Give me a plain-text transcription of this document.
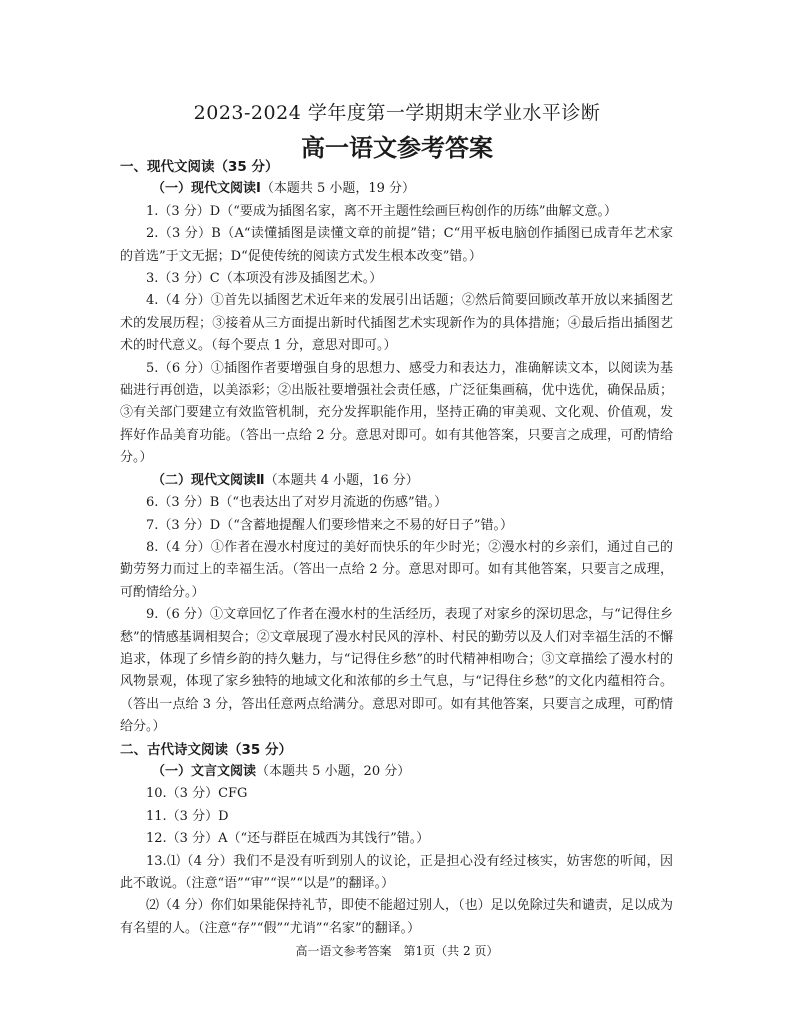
2023-2024 学年度第一学期期末学业水平诊断
高一语文参考答案
一、现代文阅读（35 分）
（一）现代文阅读Ⅰ（本题共 5 小题，19 分）
1.（3 分）D（“要成为插图名家，离不开主题性绘画巨构创作的历练”曲解文意。）
2.（3 分）B（A“读懂插图是读懂文章的前提”错；C“用平板电脑创作插图已成青年艺术家的首选”于文无据；D“促使传统的阅读方式发生根本改变”错。）
3.（3 分）C（本项没有涉及插图艺术。）
4.（4 分）①首先以插图艺术近年来的发展引出话题；②然后简要回顾改革开放以来插图艺术的发展历程；③接着从三方面提出新时代插图艺术实现新作为的具体措施；④最后指出插图艺术的时代意义。（每个要点 1 分，意思对即可。）
5.（6 分）①插图作者要增强自身的思想力、感受力和表达力，准确解读文本，以阅读为基础进行再创造，以美添彩；②出版社要增强社会责任感，广泛征集画稿，优中选优，确保品质；③有关部门要建立有效监管机制，充分发挥职能作用，坚持正确的审美观、文化观、价值观，发挥好作品美育功能。（答出一点给 2 分。意思对即可。如有其他答案，只要言之成理，可酌情给分。）
（二）现代文阅读Ⅱ（本题共 4 小题，16 分）
6.（3 分）B（“也表达出了对岁月流逝的伤感”错。）
7.（3 分）D（“含蓄地提醒人们要珍惜来之不易的好日子”错。）
8.（4 分）①作者在漫水村度过的美好而快乐的年少时光；②漫水村的乡亲们，通过自己的勤劳努力而过上的幸福生活。（答出一点给 2 分。意思对即可。如有其他答案，只要言之成理，可酌情给分。）
9.（6 分）①文章回忆了作者在漫水村的生活经历，表现了对家乡的深切思念，与“记得住乡愁”的情感基调相契合；②文章展现了漫水村民风的淳朴、村民的勤劳以及人们对幸福生活的不懈追求，体现了乡情乡韵的持久魅力，与“记得住乡愁”的时代精神相吻合；③文章描绘了漫水村的风物景观，体现了家乡独特的地域文化和浓郁的乡土气息，与“记得住乡愁”的文化内蕴相符合。（答出一点给 3 分，答出任意两点给满分。意思对即可。如有其他答案，只要言之成理，可酌情给分。）
二、古代诗文阅读（35 分）
（一）文言文阅读（本题共 5 小题，20 分）
10.（3 分）CFG
11.（3 分）D
12.（3 分）A（“还与群臣在城西为其饯行”错。）
13.⑴（4 分）我们不是没有听到别人的议论，正是担心没有经过核实，妨害您的听闻，因此不敢说。（注意“语”“审”“误”“以是”的翻译。）
⑵（4 分）你们如果能保持礼节，即使不能超过别人，（也）足以免除过失和谴责，足以成为有名望的人。（注意“存”“假”“尤诮”“名家”的翻译。）
高一语文参考答案　第1页（共 2 页）
